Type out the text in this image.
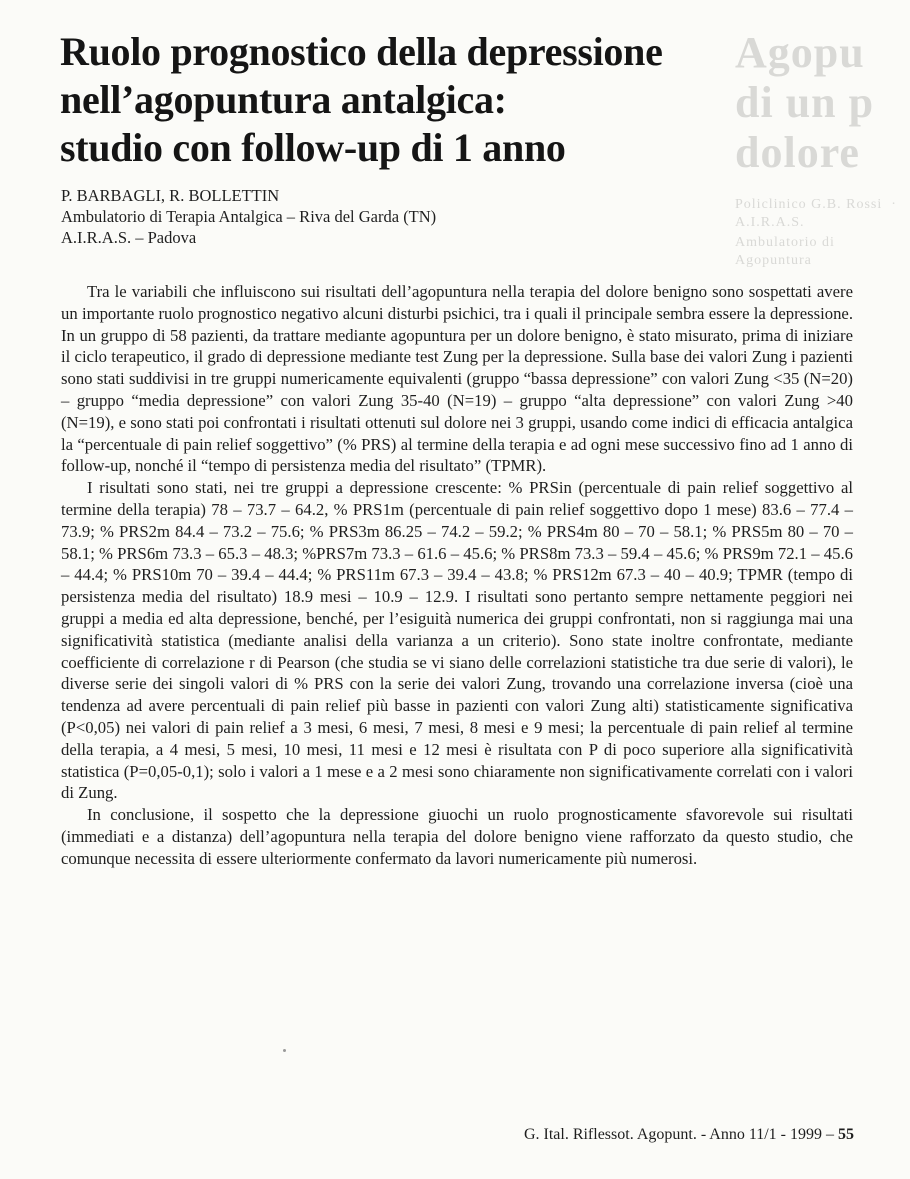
Agopu
di un p
dolore
Policlinico G.B. Rossi  ·  A.I.R.A.S.
Ambulatorio di Agopuntura
Ruolo prognostico della depressione
nell’agopuntura antalgica:
studio con follow-up di 1 anno
P. BARBAGLI, R. BOLLETTIN
Ambulatorio di Terapia Antalgica – Riva del Garda (TN)
A.I.R.A.S. – Padova

Tra le variabili che influiscono sui risultati dell’agopuntura nella terapia del dolore benigno sono sospettati avere un importante ruolo prognostico negativo alcuni disturbi psichici, tra i quali il principale sembra essere la depressione. In un gruppo di 58 pazienti, da trattare mediante agopuntura per un dolore benigno, è stato misurato, prima di iniziare il ciclo terapeutico, il grado di depressione mediante test Zung per la depressione. Sulla base dei valori Zung i pazienti sono stati suddivisi in tre gruppi numericamente equivalenti (gruppo “bassa depressione” con valori Zung <35 (N=20) – gruppo “media depressione” con valori Zung 35-40 (N=19) – gruppo “alta depressione” con valori Zung >40 (N=19), e sono stati poi confrontati i risultati ottenuti sul dolore nei 3 gruppi, usando come indici di efficacia antalgica la “percentuale di pain relief soggettivo” (% PRS) al termine della terapia e ad ogni mese successivo fino ad 1 anno di follow-up, nonché il “tempo di persistenza media del risultato” (TPMR).

I risultati sono stati, nei tre gruppi a depressione crescente: % PRSin (percentuale di pain relief soggettivo al termine della terapia) 78 – 73.7 – 64.2, % PRS1m (percentuale di pain relief soggettivo dopo 1 mese) 83.6 – 77.4 – 73.9; % PRS2m 84.4 – 73.2 – 75.6; % PRS3m 86.25 – 74.2 – 59.2; % PRS4m 80 – 70 – 58.1; % PRS5m 80 – 70 – 58.1; % PRS6m 73.3 – 65.3 – 48.3; %PRS7m 73.3 – 61.6 – 45.6; % PRS8m 73.3 – 59.4 – 45.6; % PRS9m 72.1 – 45.6 – 44.4; % PRS10m 70 – 39.4 – 44.4; % PRS11m 67.3 – 39.4 – 43.8; % PRS12m 67.3 – 40 – 40.9; TPMR (tempo di persistenza media del risultato) 18.9 mesi – 10.9 – 12.9. I risultati sono pertanto sempre nettamente peggiori nei gruppi a media ed alta depressione, benché, per l’esiguità numerica dei gruppi confrontati, non si raggiunga mai una significatività statistica (mediante analisi della varianza a un criterio). Sono state inoltre confrontate, mediante coefficiente di correlazione r di Pearson (che studia se vi siano delle correlazioni statistiche tra due serie di valori), le diverse serie dei singoli valori di % PRS con la serie dei valori Zung, trovando una correlazione inversa (cioè una tendenza ad avere percentuali di pain relief più basse in pazienti con valori Zung alti) statisticamente significativa (P<0,05) nei valori di pain relief a 3 mesi, 6 mesi, 7 mesi, 8 mesi e 9 mesi; la percentuale di pain relief al termine della terapia, a 4 mesi, 5 mesi, 10 mesi, 11 mesi e 12 mesi è risultata con P di poco superiore alla significatività statistica (P=0,05-0,1); solo i valori a 1 mese e a 2 mesi sono chiaramente non significativamente correlati con i valori di Zung.

In conclusione, il sospetto che la depressione giuochi un ruolo prognosticamente sfavorevole sui risultati (immediati e a distanza) dell’agopuntura nella terapia del dolore benigno viene rafforzato da questo studio, che comunque necessita di essere ulteriormente confermato da lavori numericamente più numerosi.

G. Ital. Riflessot. Agopunt. - Anno 11/1 - 1999 – 55
